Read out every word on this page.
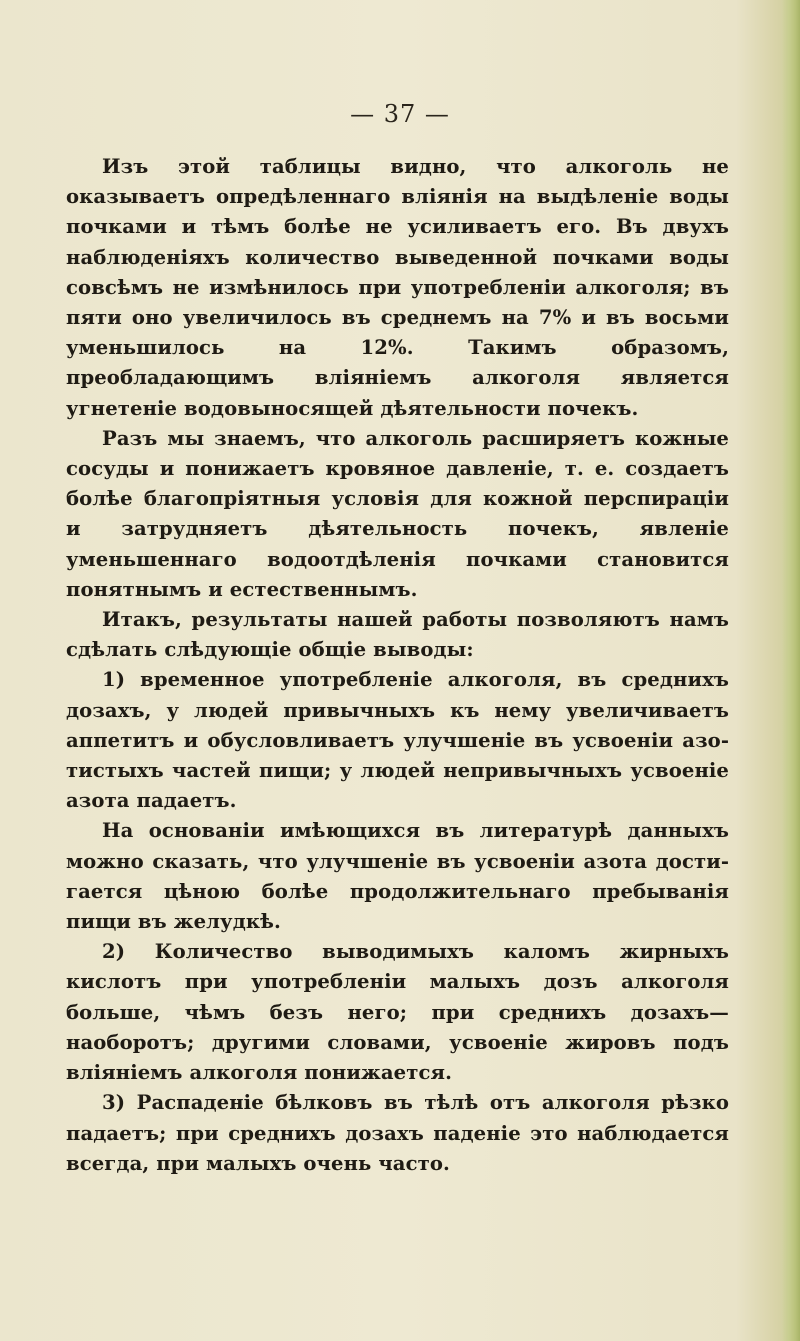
— 37 —

Изъ этой таблицы видно, что алкоголь не оказываетъ опредѣленнаго вліянія на выдѣленіе воды почками и тѣмъ болѣе не усиливаетъ его. Въ двухъ наблюденіяхъ количество выведенной почками воды совсѣмъ не измѣнилось при употребленіи алкоголя; въ пяти оно увеличилось въ среднемъ на 7% и въ восьми уменьшилось на 12%. Такимъ образомъ, преобладающимъ вліяніемъ алкоголя является угнетеніе водовыносящей дѣятельности почекъ.

Разъ мы знаемъ, что алкоголь расширяетъ кожные сосуды и понижаетъ кровяное давленіе, т. е. создаетъ болѣе благопріятныя условія для кожной перспираціи и затрудняетъ дѣятельность почекъ, явленіе уменьшеннаго водоотдѣленія почками становится понятнымъ и естественнымъ.

Итакъ, результаты нашей работы позволяютъ намъ сдѣлать слѣдующіе общіе выводы:

1) временное употребленіе алкоголя, въ среднихъ дозахъ, у людей привычныхъ къ нему увеличиваетъ аппетитъ и обусловливаетъ улучшеніе въ усвоеніи азотистыхъ частей пищи; у людей непривычныхъ усвоеніе азота падаетъ.

На основаніи имѣющихся въ литературѣ данныхъ можно сказать, что улучшеніе въ усвоеніи азота достигается цѣною болѣе продолжительнаго пребыванія пищи въ желудкѣ.

2) Количество выводимыхъ каломъ жирныхъ кислотъ при употребленіи малыхъ дозъ алкоголя больше, чѣмъ безъ него; при среднихъ дозахъ—наоборотъ; другими словами, усвоеніе жировъ подъ вліяніемъ алкоголя понижается.

3) Распаденіе бѣлковъ въ тѣлѣ отъ алкоголя рѣзко падаетъ; при среднихъ дозахъ паденіе это наблюдается всегда, при малыхъ очень часто.
